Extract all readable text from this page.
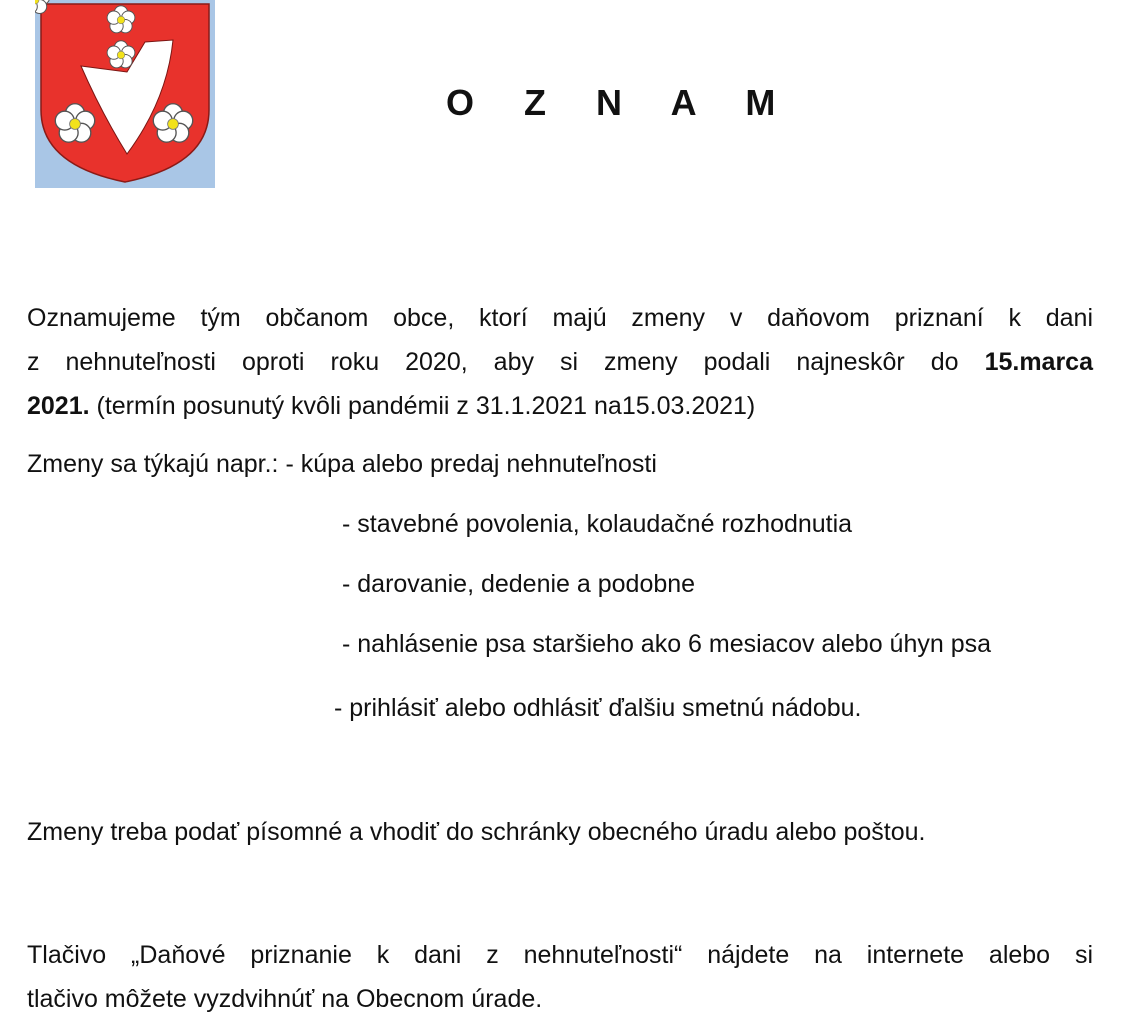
O Z N A M
Oznamujeme tým občanom obce, ktorí majú zmeny v daňovom priznaní k dani
z nehnuteľnosti oproti roku 2020, aby si zmeny podali najneskôr do 15.marca
2021. (termín posunutý kvôli pandémii z 31.1.2021 na15.03.2021)
Zmeny sa týkajú napr.: - kúpa alebo predaj nehnuteľnosti
- stavebné povolenia, kolaudačné rozhodnutia
- darovanie, dedenie a podobne
- nahlásenie psa staršieho ako 6 mesiacov alebo úhyn psa
- prihlásiť alebo odhlásiť ďalšiu smetnú nádobu.
Zmeny treba podať písomné a vhodiť do schránky obecného úradu alebo poštou.
Tlačivo „Daňové priznanie k dani z nehnuteľnosti“ nájdete na internete alebo si
tlačivo môžete vyzdvihnúť na Obecnom úrade.
